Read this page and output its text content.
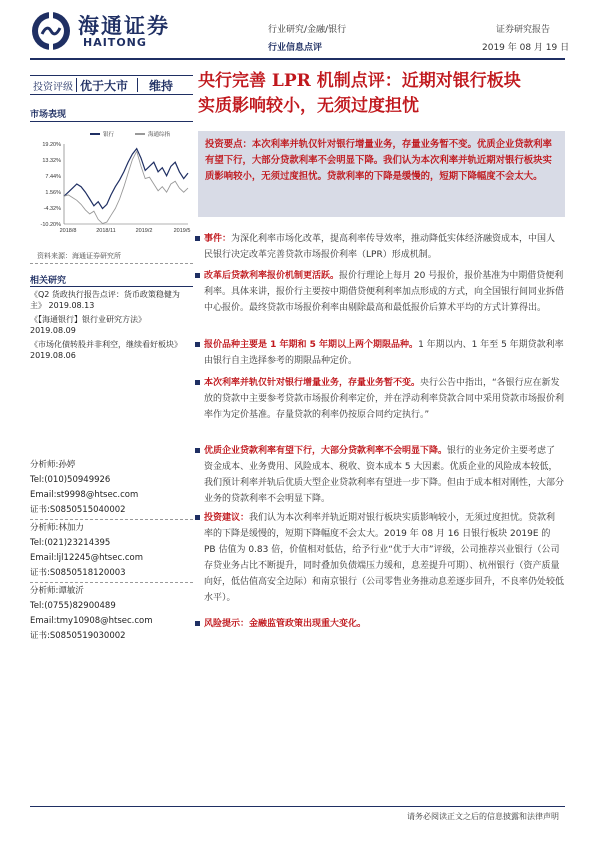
海通证券
HAITONG
行业研究/金融/银行
行业信息点评
证券研究报告
2019 年 08 月 19 日
投资评级 优于大市 维持 央行完善 LPR 机制点评：近期对银行板块
实质影响较小，无须过度担忧
市场表现
19.20%
13.32%
7.44%
1.56%
-4.32%
-10.20%
2018/8	2018/11	2019/2	2019/5
银行	海通综指
资料来源：海通证券研究所
相关研究
《Q2 货政执行报告点评：货币政策稳健为主》 2019.08.13
《【海通银行】银行业研究方法》
2019.08.09
《市场化债转股并非利空，继续看好板块》 2019.08.06
分析师:孙婷
Tel:(010)50949926
Email:st9998@htsec.com
证书:S0850515040002
分析师:林加力
Tel:(021)23214395
Email:ljl12245@htsec.com
证书:S0850518120003
分析师:谭敏沂
Tel:(0755)82900489
Email:tmy10908@htsec.com
证书:S0850519030002
投资要点：本次利率并轨仅针对银行增量业务，存量业务暂不变。优质企业贷款利率有望下行，大部分贷款利率不会明显下降。我们认为本次利率并轨近期对银行板块实质影响较小，无须过度担忧。贷款利率的下降是缓慢的，短期下降幅度不会太大。
事件：为深化利率市场化改革，提高利率传导效率，推动降低实体经济融资成本，中国人民银行决定改革完善贷款市场报价利率（LPR）形成机制。
改革后贷款利率报价机制更活跃。报价行理论上每月 20 号报价，报价基准为中期借贷便利利率。具体来讲，报价行主要按中期借贷便利利率加点形成的方式，向全国银行间同业拆借中心报价。最终贷款市场报价利率由剔除最高和最低报价后算术平均的方式计算得出。
报价品种主要是 1 年期和 5 年期以上两个期限品种。1 年期以内、1 年至 5 年期贷款利率由银行自主选择参考的期限品种定价。
本次利率并轨仅针对银行增量业务，存量业务暂不变。央行公告中指出，“各银行应在新发放的贷款中主要参考贷款市场报价利率定价，并在浮动利率贷款合同中采用贷款市场报价利率作为定价基准。存量贷款的利率仍按原合同约定执行。”
优质企业贷款利率有望下行，大部分贷款利率不会明显下降。银行的业务定价主要考虑了资金成本、业务费用、风险成本、税收、资本成本 5 大因素。优质企业的风险成本较低，我们预计利率并轨后优质大型企业贷款利率有望进一步下降。但由于成本相对刚性，大部分业务的贷款利率不会明显下降。
投资建议：我们认为本次利率并轨近期对银行板块实质影响较小，无须过度担忧。贷款利率的下降是缓慢的，短期下降幅度不会太大。2019 年 08 月 16 日银行板块 2019E 的 PB 估值为 0.83 倍，价值相对低估，给予行业“优于大市”评级，公司推荐兴业银行（公司存贷业务占比不断提升，同时叠加负债端压力缓和，息差提升可期）、杭州银行（资产质量向好，低估值高安全边际）和南京银行（公司零售业务推动息差逐步回升，不良率仍处较低水平）。
风险提示：金融监管政策出现重大变化。
请务必阅读正文之后的信息披露和法律声明
